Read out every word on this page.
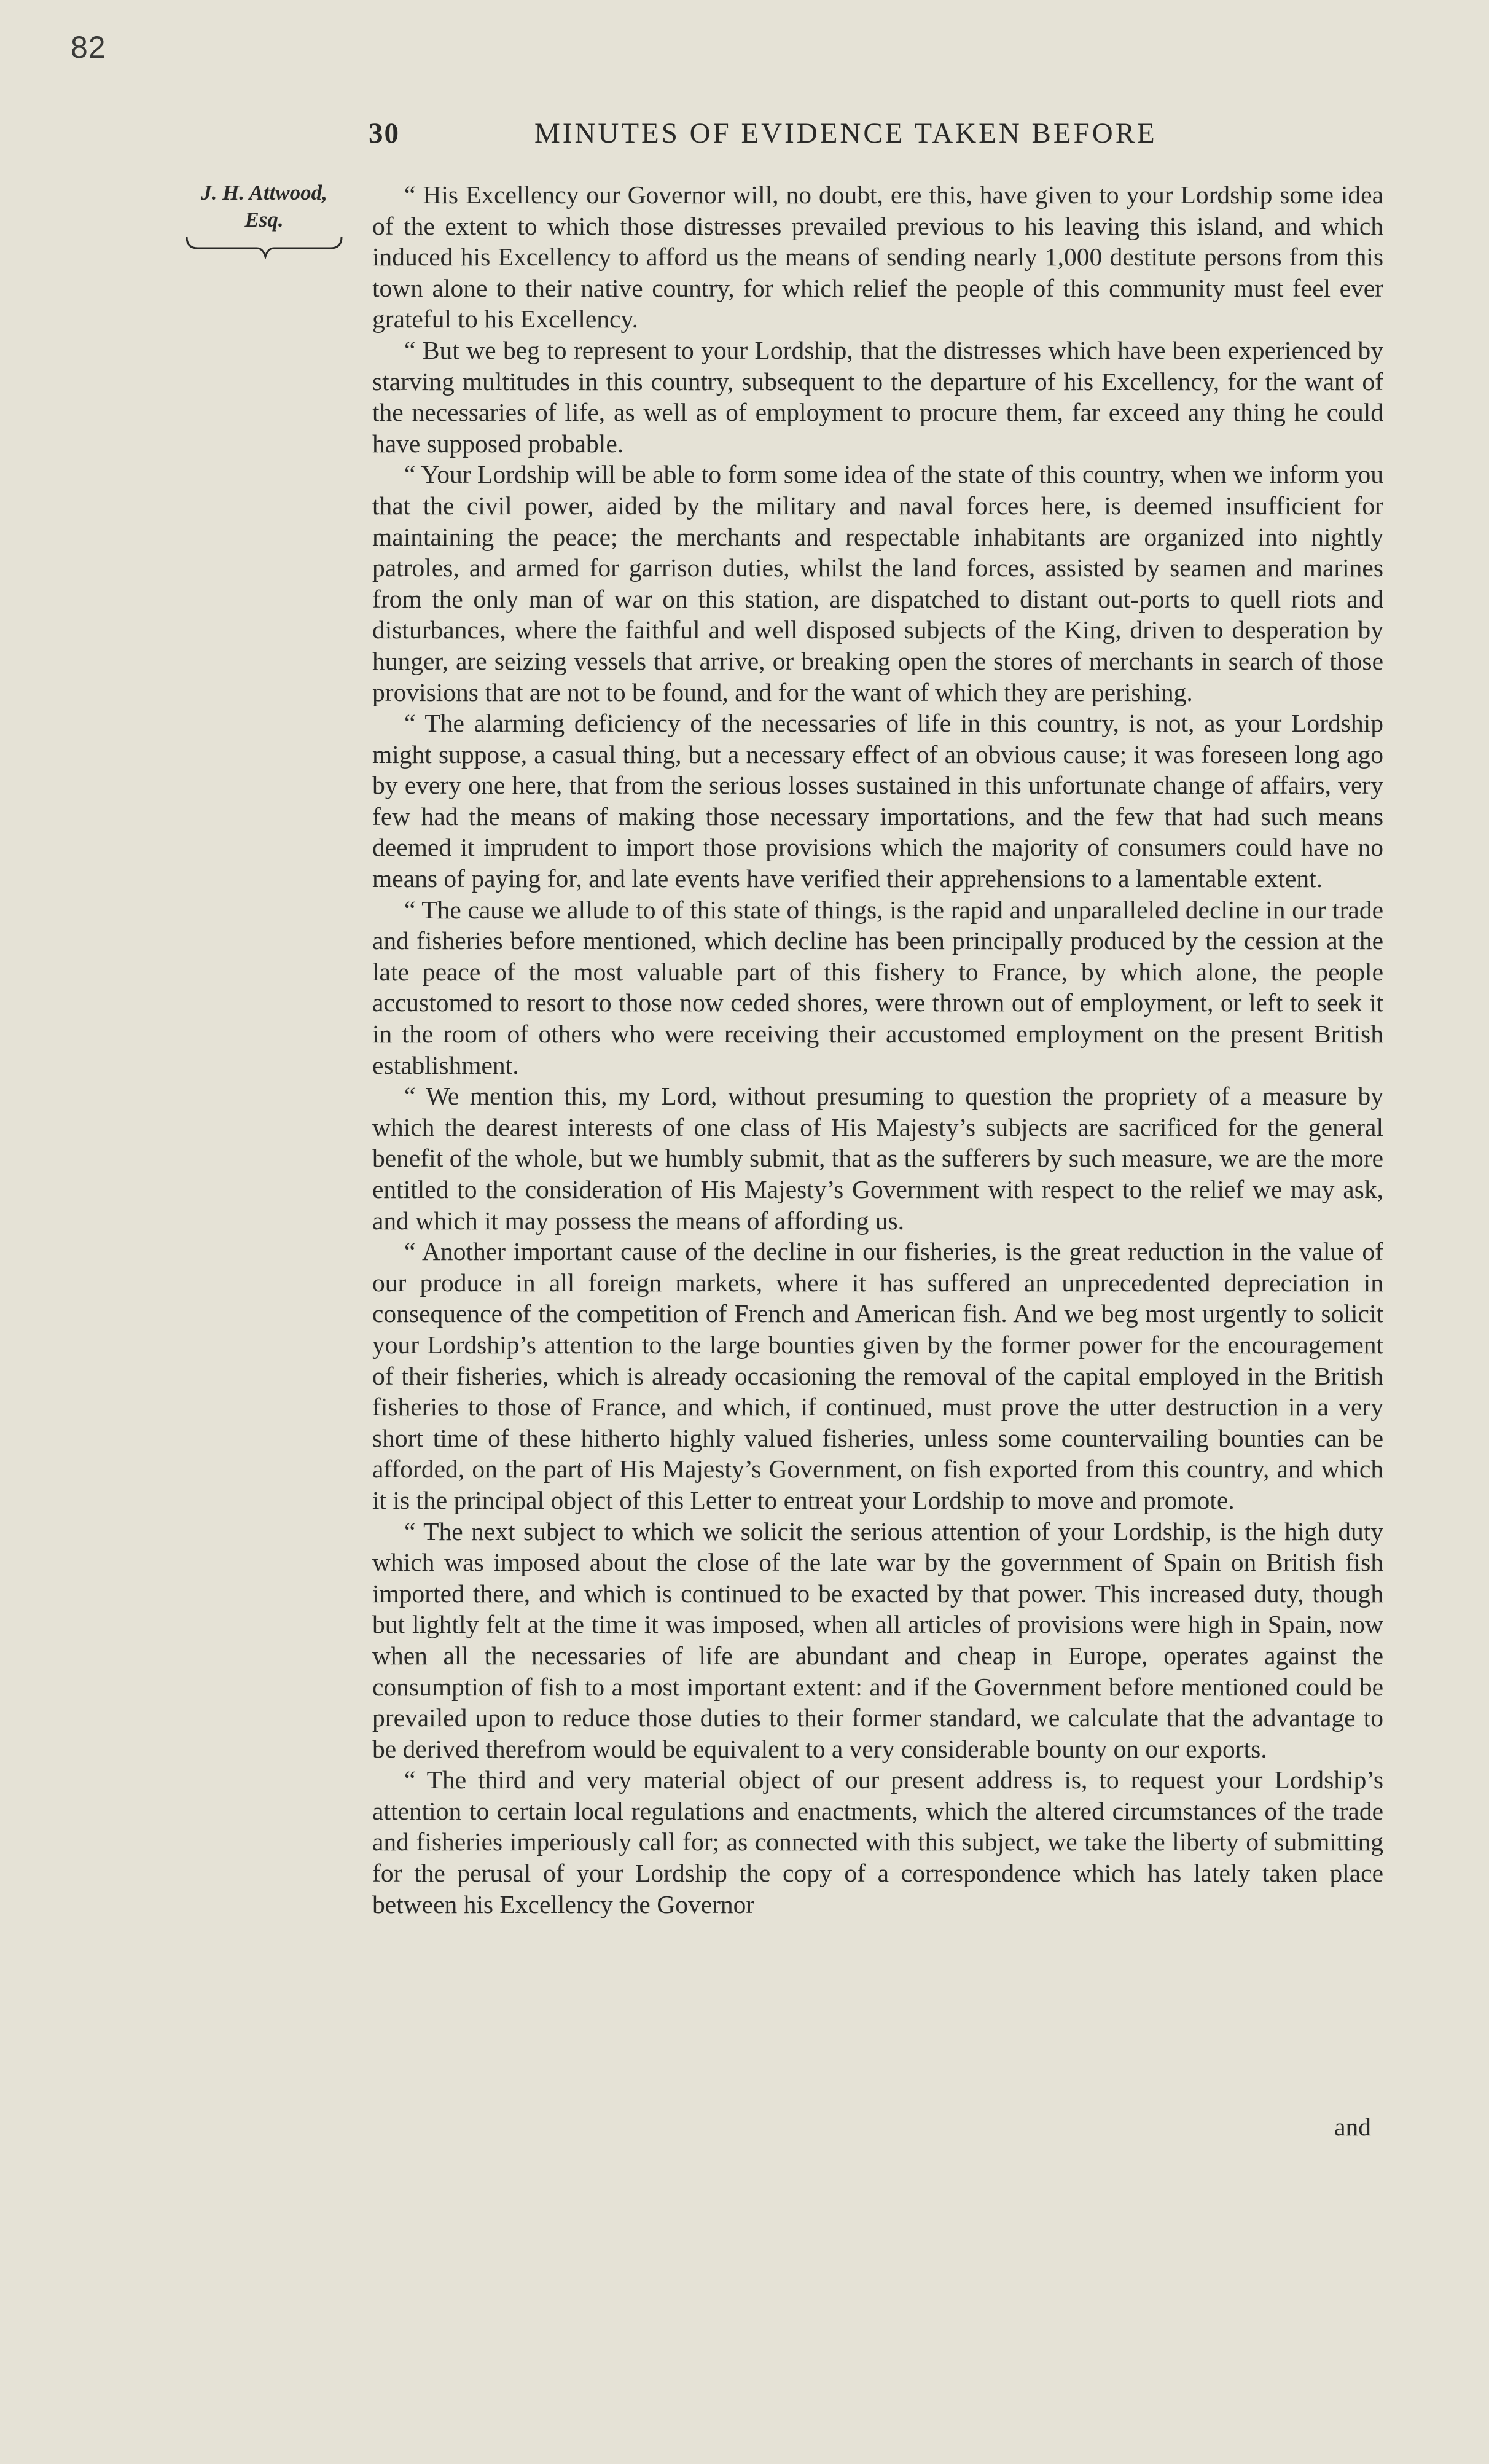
82
30	MINUTES OF EVIDENCE TAKEN BEFORE
J. H. Attwood,
Esq.

“ His Excellency our Governor will, no doubt, ere this, have given to your Lordship some idea of the extent to which those distresses prevailed previous to his leaving this island, and which induced his Excellency to afford us the means of sending nearly 1,000 destitute persons from this town alone to their native country, for which relief the people of this community must feel ever grateful to his Excellency.

“ But we beg to represent to your Lordship, that the distresses which have been experienced by starving multitudes in this country, subsequent to the departure of his Excellency, for the want of the necessaries of life, as well as of employment to procure them, far exceed any thing he could have supposed probable.

“ Your Lordship will be able to form some idea of the state of this country, when we inform you that the civil power, aided by the military and naval forces here, is deemed insufficient for maintaining the peace; the merchants and respectable inhabitants are organized into nightly patroles, and armed for garrison duties, whilst the land forces, assisted by seamen and marines from the only man of war on this station, are dispatched to distant out-ports to quell riots and disturbances, where the faithful and well disposed subjects of the King, driven to desperation by hunger, are seizing vessels that arrive, or breaking open the stores of merchants in search of those provisions that are not to be found, and for the want of which they are perishing.

“ The alarming deficiency of the necessaries of life in this country, is not, as your Lordship might suppose, a casual thing, but a necessary effect of an obvious cause; it was foreseen long ago by every one here, that from the serious losses sustained in this unfortunate change of affairs, very few had the means of making those necessary importations, and the few that had such means deemed it imprudent to import those provisions which the majority of consumers could have no means of paying for, and late events have verified their apprehensions to a lamentable extent.

“ The cause we allude to of this state of things, is the rapid and unparalleled decline in our trade and fisheries before mentioned, which decline has been principally produced by the cession at the late peace of the most valuable part of this fishery to France, by which alone, the people accustomed to resort to those now ceded shores, were thrown out of employment, or left to seek it in the room of others who were receiving their accustomed employment on the present British establishment.

“ We mention this, my Lord, without presuming to question the propriety of a measure by which the dearest interests of one class of His Majesty’s subjects are sacrificed for the general benefit of the whole, but we humbly submit, that as the sufferers by such measure, we are the more entitled to the consideration of His Majesty’s Government with respect to the relief we may ask, and which it may possess the means of affording us.

“ Another important cause of the decline in our fisheries, is the great reduction in the value of our produce in all foreign markets, where it has suffered an unprecedented depreciation in consequence of the competition of French and American fish. And we beg most urgently to solicit your Lordship’s attention to the large bounties given by the former power for the encouragement of their fisheries, which is already occasioning the removal of the capital employed in the British fisheries to those of France, and which, if continued, must prove the utter destruction in a very short time of these hitherto highly valued fisheries, unless some countervailing bounties can be afforded, on the part of His Majesty’s Government, on fish exported from this country, and which it is the principal object of this Letter to entreat your Lordship to move and promote.

“ The next subject to which we solicit the serious attention of your Lordship, is the high duty which was imposed about the close of the late war by the government of Spain on British fish imported there, and which is continued to be exacted by that power. This increased duty, though but lightly felt at the time it was imposed, when all articles of provisions were high in Spain, now when all the necessaries of life are abundant and cheap in Europe, operates against the consumption of fish to a most important extent: and if the Government before mentioned could be prevailed upon to reduce those duties to their former standard, we calculate that the advantage to be derived therefrom would be equivalent to a very considerable bounty on our exports.

“ The third and very material object of our present address is, to request your Lordship’s attention to certain local regulations and enactments, which the altered circumstances of the trade and fisheries imperiously call for; as connected with this subject, we take the liberty of submitting for the perusal of your Lordship the copy of a correspondence which has lately taken place between his Excellency the Governor

and
